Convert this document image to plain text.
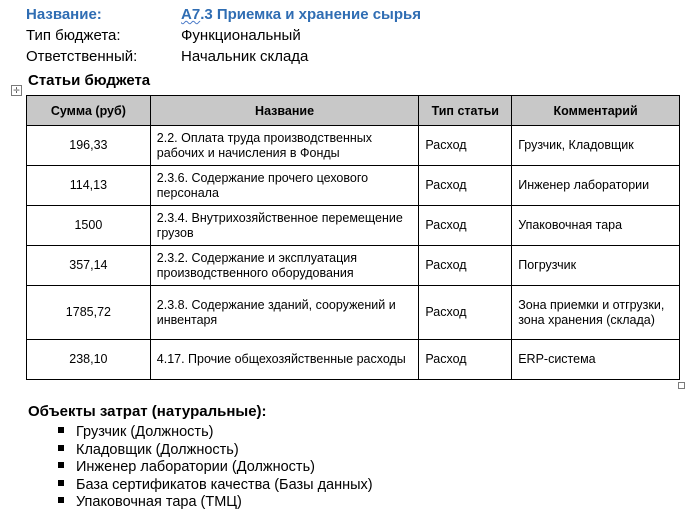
Название:	А7.3 Приемка и хранение сырья
Тип бюджета:	Функциональный
Ответственный:	Начальник склада
Статьи бюджета
✛
Сумма (руб)	Название	Тип статьи	Комментарий
196,33	2.2. Оплата труда производственных рабочих и начисления в Фонды	Расход	Грузчик, Кладовщик
114,13	2.3.6. Содержание прочего цехового персонала	Расход	Инженер лаборатории
1500	2.3.4. Внутрихозяйственное перемещение грузов	Расход	Упаковочная тара
357,14	2.3.2. Содержание и эксплуатация производственного оборудования	Расход	Погрузчик
1785,72	2.3.8. Содержание зданий, сооружений и инвентаря	Расход	Зона приемки и отгрузки, зона хранения (склада)
238,10	4.17. Прочие общехозяйственные расходы	Расход	ERP-система
Объекты затрат (натуральные):
Грузчик (Должность)
Кладовщик (Должность)
Инженер лаборатории (Должность)
База сертификатов качества (Базы данных)
Упаковочная тара (ТМЦ)
